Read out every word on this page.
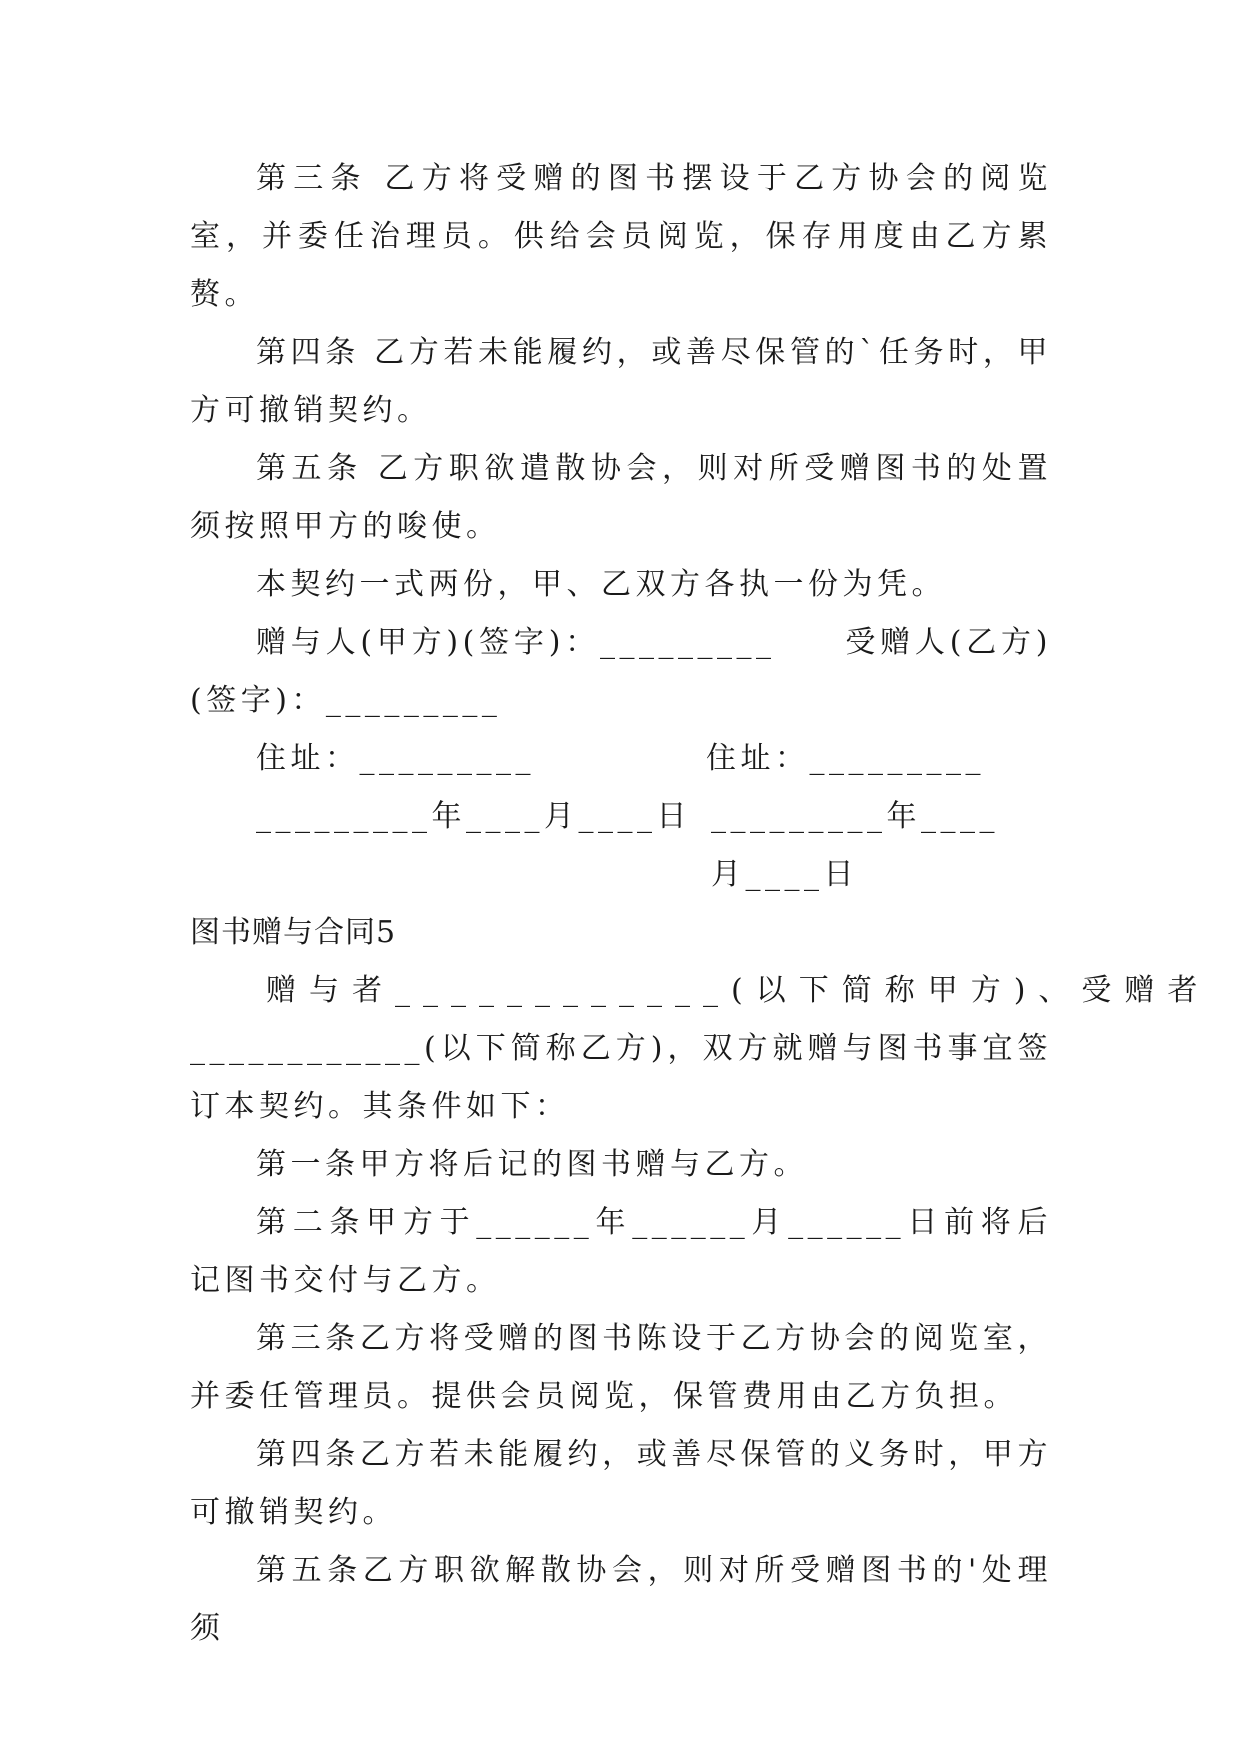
第三条 乙方将受赠的图书摆设于乙方协会的阅览室，并委任治理员。供给会员阅览，保存用度由乙方累赘。

第四条 乙方若未能履约，或善尽保管的`任务时，甲方可撤销契约。

第五条 乙方职欲遣散协会，则对所受赠图书的处置须按照甲方的唆使。

本契约一式两份，甲、乙双方各执一份为凭。

赠与人(甲方)(签字)：_________　　受赠人(乙方)(签字)：_________

住址：_________	住址：_________
_________年____月____日 _________年____月____日

图书赠与合同5

赠与者____________(以下简称甲方)、受赠者

____________(以下简称乙方)，双方就赠与图书事宜签订本契约。其条件如下：

第一条甲方将后记的图书赠与乙方。

第二条甲方于______年______月______日前将后记图书交付与乙方。

第三条乙方将受赠的图书陈设于乙方协会的阅览室，并委任管理员。提供会员阅览，保管费用由乙方负担。

第四条乙方若未能履约，或善尽保管的义务时，甲方可撤销契约。

第五条乙方职欲解散协会，则对所受赠图书的'处理须
